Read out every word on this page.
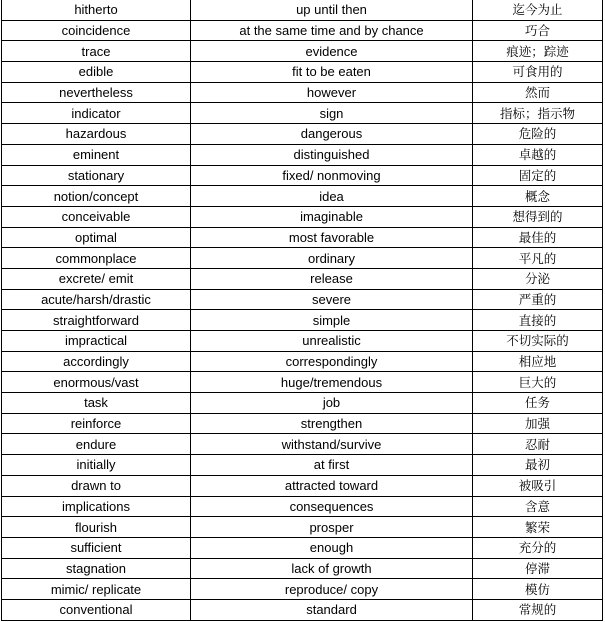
hitherto	up until then	迄今为止
coincidence	at the same time and by chance	巧合
trace	evidence	痕迹；踪迹
edible	fit to be eaten	可食用的
nevertheless	however	然而
indicator	sign	指标；指示物
hazardous	dangerous	危险的
eminent	distinguished	卓越的
stationary	fixed/ nonmoving	固定的
notion/concept	idea	概念
conceivable	imaginable	想得到的
optimal	most favorable	最佳的
commonplace	ordinary	平凡的
excrete/ emit	release	分泌
acute/harsh/drastic	severe	严重的
straightforward	simple	直接的
impractical	unrealistic	不切实际的
accordingly	correspondingly	相应地
enormous/vast	huge/tremendous	巨大的
task	job	任务
reinforce	strengthen	加强
endure	withstand/survive	忍耐
initially	at first	最初
drawn to	attracted toward	被吸引
implications	consequences	含意
flourish	prosper	繁荣
sufficient	enough	充分的
stagnation	lack of growth	停滞
mimic/ replicate	reproduce/ copy	模仿
conventional	standard	常规的
